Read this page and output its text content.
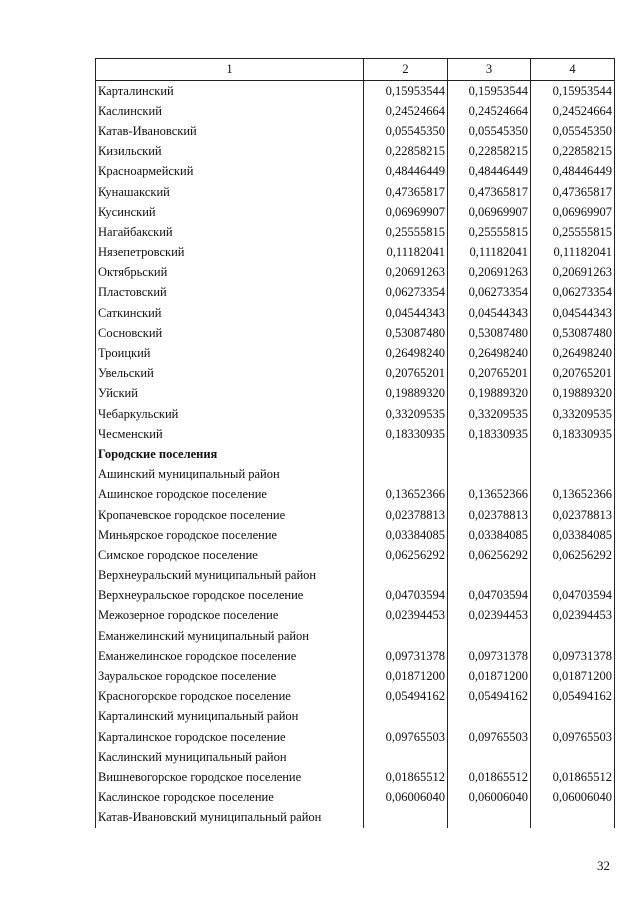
1	2	3	4
Карталинский	0,15953544	0,15953544	0,15953544
Каслинский	0,24524664	0,24524664	0,24524664
Катав-Ивановский	0,05545350	0,05545350	0,05545350
Кизильский	0,22858215	0,22858215	0,22858215
Красноармейский	0,48446449	0,48446449	0,48446449
Кунашакский	0,47365817	0,47365817	0,47365817
Кусинский	0,06969907	0,06969907	0,06969907
Нагайбакский	0,25555815	0,25555815	0,25555815
Нязепетровский	0,11182041	0,11182041	0,11182041
Октябрьский	0,20691263	0,20691263	0,20691263
Пластовский	0,06273354	0,06273354	0,06273354
Саткинский	0,04544343	0,04544343	0,04544343
Сосновский	0,53087480	0,53087480	0,53087480
Троицкий	0,26498240	0,26498240	0,26498240
Увельский	0,20765201	0,20765201	0,20765201
Уйский	0,19889320	0,19889320	0,19889320
Чебаркульский	0,33209535	0,33209535	0,33209535
Чесменский	0,18330935	0,18330935	0,18330935
Городские поселения			
Ашинский муниципальный район			
Ашинское городское поселение	0,13652366	0,13652366	0,13652366
Кропачевское городское поселение	0,02378813	0,02378813	0,02378813
Миньярское городское поселение	0,03384085	0,03384085	0,03384085
Симское городское поселение	0,06256292	0,06256292	0,06256292
Верхнеуральский муниципальный район			
Верхнеуральское городское поселение	0,04703594	0,04703594	0,04703594
Межозерное городское поселение	0,02394453	0,02394453	0,02394453
Еманжелинский муниципальный район			
Еманжелинское городское поселение	0,09731378	0,09731378	0,09731378
Зауральское городское поселение	0,01871200	0,01871200	0,01871200
Красногорское городское поселение	0,05494162	0,05494162	0,05494162
Карталинский муниципальный район			
Карталинское городское поселение	0,09765503	0,09765503	0,09765503
Каслинский муниципальный район			
Вишневогорское городское поселение	0,01865512	0,01865512	0,01865512
Каслинское городское поселение	0,06006040	0,06006040	0,06006040
Катав-Ивановский муниципальный район			
32
